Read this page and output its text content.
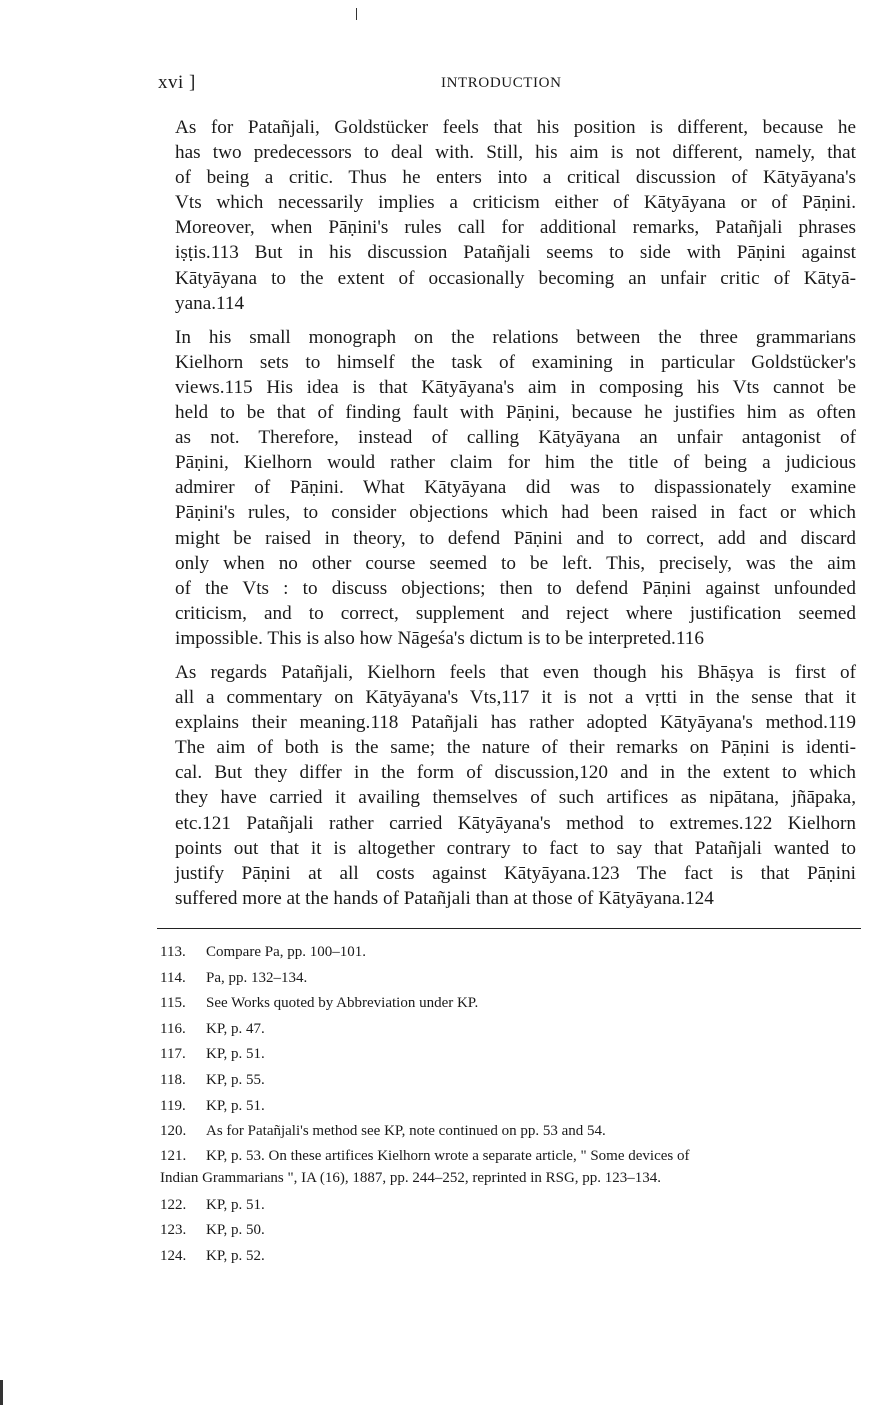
xvi ]	INTRODUCTION

As for Patañjali, Goldstücker feels that his position is different, because he
has two predecessors to deal with. Still, his aim is not different, namely, that
of being a critic. Thus he enters into a critical discussion of Kātyāyana's
Vts which necessarily implies a criticism either of Kātyāyana or of Pāṇini.
Moreover, when Pāṇini's rules call for additional remarks, Patañjali phrases
iṣṭis.113 But in his discussion Patañjali seems to side with Pāṇini against
Kātyāyana to the extent of occasionally becoming an unfair critic of Kātyā-
yana.114

In his small monograph on the relations between the three grammarians
Kielhorn sets to himself the task of examining in particular Goldstücker's
views.115 His idea is that Kātyāyana's aim in composing his Vts cannot be
held to be that of finding fault with Pāṇini, because he justifies him as often
as not. Therefore, instead of calling Kātyāyana an unfair antagonist of
Pāṇini, Kielhorn would rather claim for him the title of being a judicious
admirer of Pāṇini. What Kātyāyana did was to dispassionately examine
Pāṇini's rules, to consider objections which had been raised in fact or which
might be raised in theory, to defend Pāṇini and to correct, add and discard
only when no other course seemed to be left. This, precisely, was the aim
of the Vts : to discuss objections; then to defend Pāṇini against unfounded
criticism, and to correct, supplement and reject where justification seemed
impossible. This is also how Nāgeśa's dictum is to be interpreted.116

As regards Patañjali, Kielhorn feels that even though his Bhāṣya is first of
all a commentary on Kātyāyana's Vts,117 it is not a vṛtti in the sense that it
explains their meaning.118 Patañjali has rather adopted Kātyāyana's method.119
The aim of both is the same; the nature of their remarks on Pāṇini is identi-
cal. But they differ in the form of discussion,120 and in the extent to which
they have carried it availing themselves of such artifices as nipātana, jñāpaka,
etc.121 Patañjali rather carried Kātyāyana's method to extremes.122 Kielhorn
points out that it is altogether contrary to fact to say that Patañjali wanted to
justify Pāṇini at all costs against Kātyāyana.123 The fact is that Pāṇini
suffered more at the hands of Patañjali than at those of Kātyāyana.124

113. Compare Pa, pp. 100–101.
114. Pa, pp. 132–134.
115. See Works quoted by Abbreviation under KP.
116. KP, p. 47.
117. KP, p. 51.
118. KP, p. 55.
119. KP, p. 51.
120. As for Patañjali's method see KP, note continued on pp. 53 and 54.
121. KP, p. 53. On these artifices Kielhorn wrote a separate article, " Some devices of
Indian Grammarians ", IA (16), 1887, pp. 244–252, reprinted in RSG, pp. 123–134.
122. KP, p. 51.
123. KP, p. 50.
124. KP, p. 52.
